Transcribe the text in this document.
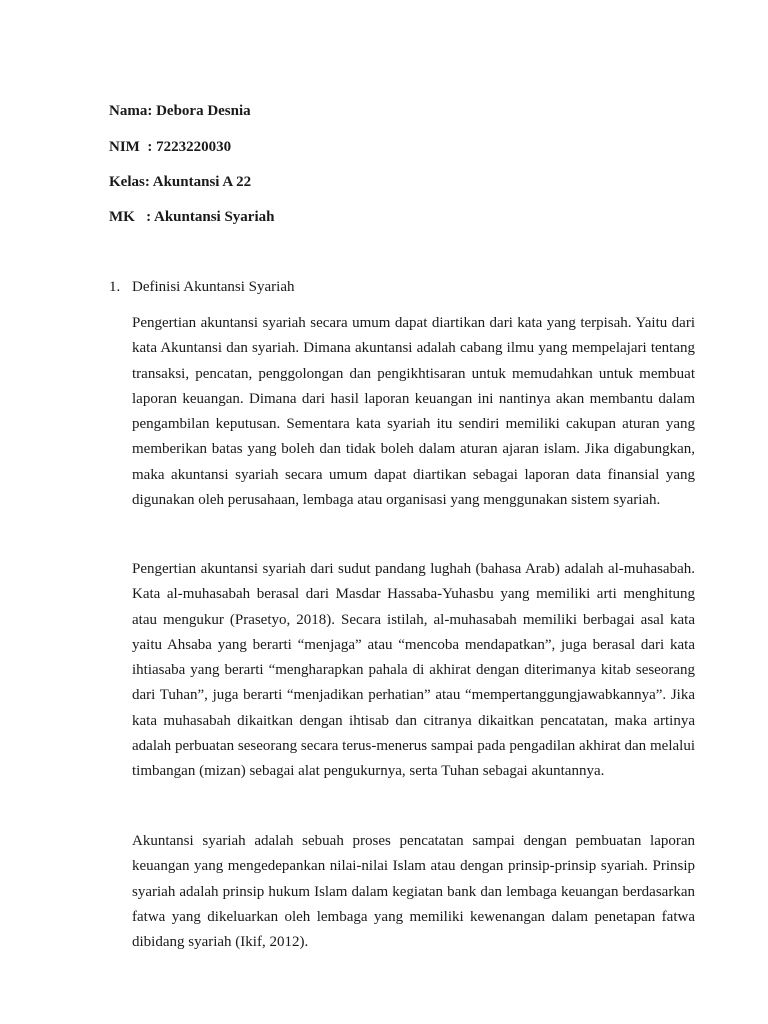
Nama: Debora Desnia
NIM  : 7223220030
Kelas: Akuntansi A 22
MK   : Akuntansi Syariah
1. Definisi Akuntansi Syariah

Pengertian akuntansi syariah secara umum dapat diartikan dari kata yang terpisah. Yaitu dari kata Akuntansi dan syariah. Dimana akuntansi adalah cabang ilmu yang mempelajari tentang transaksi, pencatan, penggolongan dan pengikhtisaran untuk memudahkan untuk membuat laporan keuangan. Dimana dari hasil laporan keuangan ini nantinya akan membantu dalam pengambilan keputusan. Sementara kata syariah itu sendiri memiliki cakupan aturan yang memberikan batas yang boleh dan tidak boleh dalam aturan ajaran islam. Jika digabungkan, maka akuntansi syariah secara umum dapat diartikan sebagai laporan data finansial yang digunakan oleh perusahaan, lembaga atau organisasi yang menggunakan sistem syariah.

Pengertian akuntansi syariah dari sudut pandang lughah (bahasa Arab) adalah al-muhasabah. Kata al-muhasabah berasal dari Masdar Hassaba-Yuhasbu yang memiliki arti menghitung atau mengukur (Prasetyo, 2018). Secara istilah, al-muhasabah memiliki berbagai asal kata yaitu Ahsaba yang berarti “menjaga” atau “mencoba mendapatkan”, juga berasal dari kata ihtiasaba yang berarti “mengharapkan pahala di akhirat dengan diterimanya kitab seseorang dari Tuhan”, juga berarti “menjadikan perhatian” atau “mempertanggungjawabkannya”. Jika kata muhasabah dikaitkan dengan ihtisab dan citranya dikaitkan pencatatan, maka artinya adalah perbuatan seseorang secara terus-menerus sampai pada pengadilan akhirat dan melalui timbangan (mizan) sebagai alat pengukurnya, serta Tuhan sebagai akuntannya.

Akuntansi syariah adalah sebuah proses pencatatan sampai dengan pembuatan laporan keuangan yang mengedepankan nilai-nilai Islam atau dengan prinsip-prinsip syariah. Prinsip syariah adalah prinsip hukum Islam dalam kegiatan bank dan lembaga keuangan berdasarkan fatwa yang dikeluarkan oleh lembaga yang memiliki kewenangan dalam penetapan fatwa dibidang syariah (Ikif, 2012).
